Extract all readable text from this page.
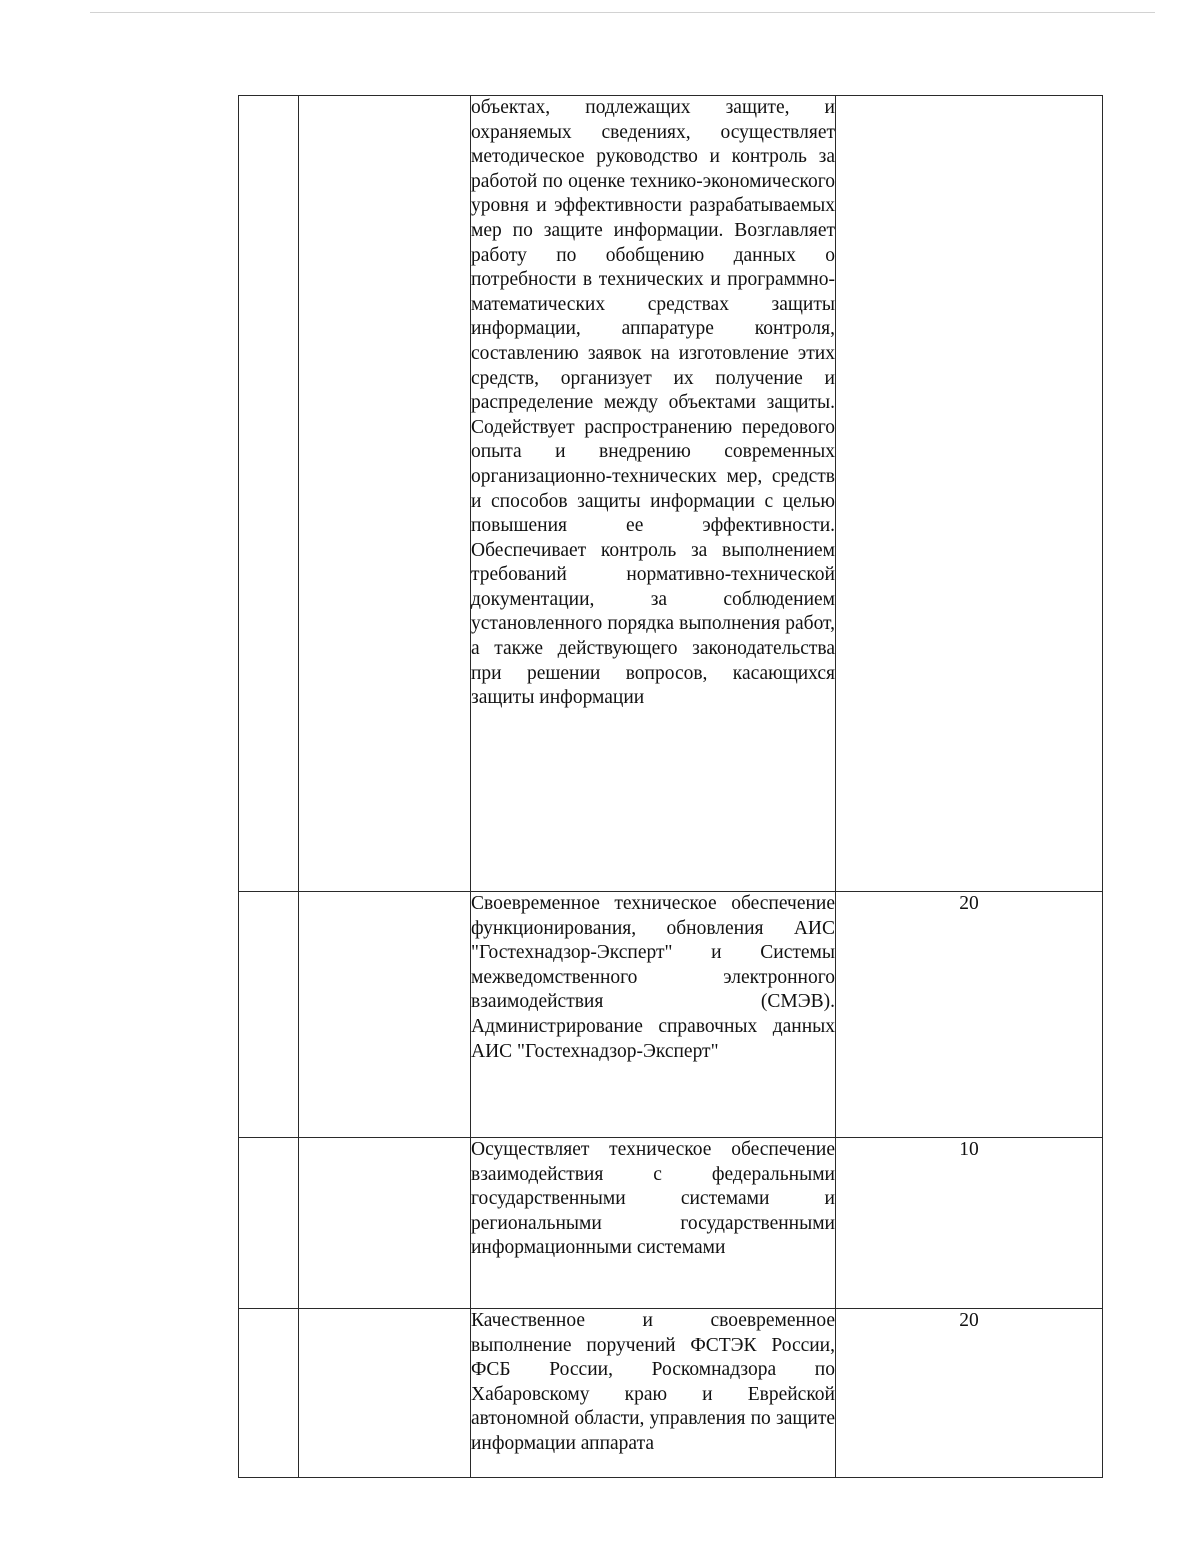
		объектах, подлежащих защите, и охраняемых сведениях, осуществляет методическое руководство и контроль за работой по оценке технико-экономического уровня и эффективности разрабатываемых мер по защите информации. Возглавляет работу по обобщению данных о потребности в технических и программно-математических средствах защиты информации, аппаратуре контроля, составлению заявок на изготовление этих средств, организует их получение и распределение между объектами защиты. Содействует распространению передового опыта и внедрению современных организационно-технических мер, средств и способов защиты информации с целью повышения ее эффективности. Обеспечивает контроль за выполнением требований нормативно-технической документации, за соблюдением установленного порядка выполнения работ, а также действующего законодательства при решении вопросов, касающихся защиты информации	

		Своевременное техническое обеспечение функционирования, обновления АИС "Гостехнадзор-Эксперт" и Системы межведомственного электронного взаимодействия (СМЭВ). Администрирование справочных данных АИС "Гостехнадзор-Эксперт"	20

		Осуществляет техническое обеспечение взаимодействия с федеральными государственными системами и региональными государственными информационными системами	10

		Качественное и своевременное выполнение поручений ФСТЭК России, ФСБ России, Роскомнадзора по Хабаровскому краю и Еврейской автономной области, управления по защите информации аппарата	20
